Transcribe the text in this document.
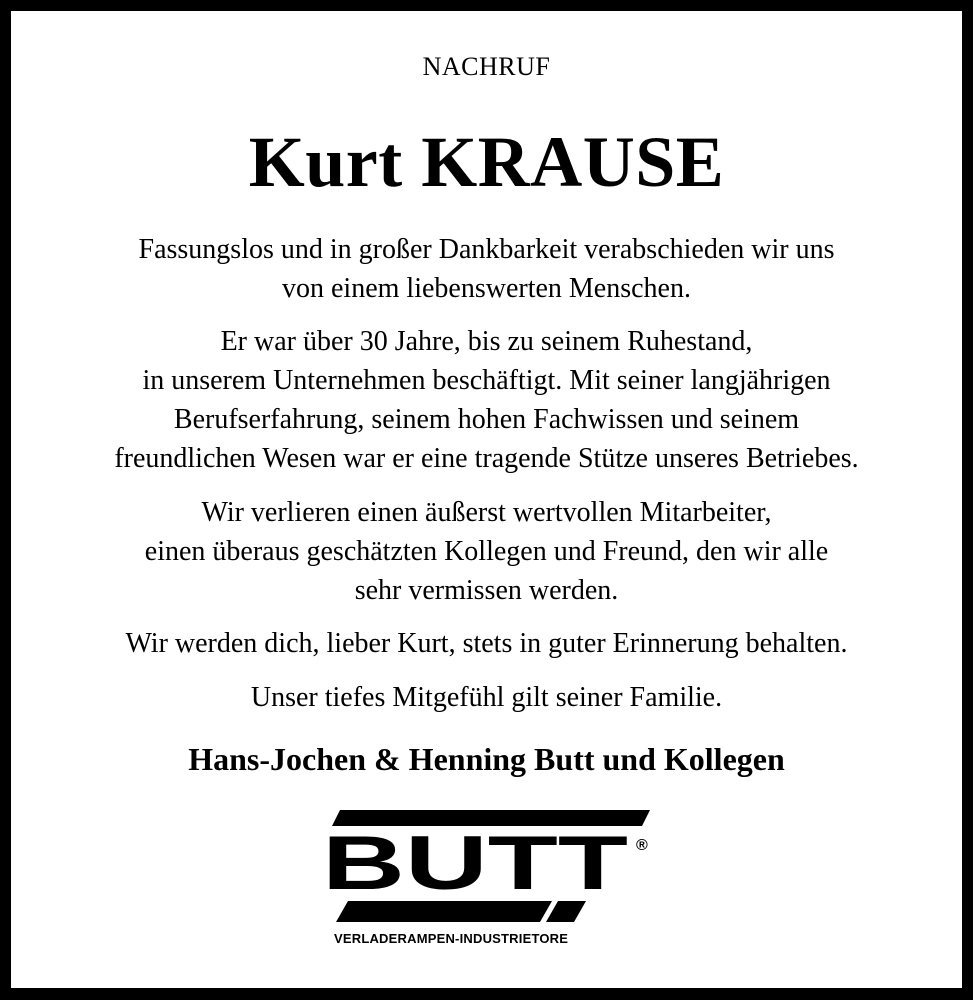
NACHRUF
Kurt KRAUSE

Fassungslos und in großer Dankbarkeit verabschieden wir uns
von einem liebenswerten Menschen.

Er war über 30 Jahre, bis zu seinem Ruhestand,
in unserem Unternehmen beschäftigt. Mit seiner langjährigen
Berufserfahrung, seinem hohen Fachwissen und seinem
freundlichen Wesen war er eine tragende Stütze unseres Betriebes.

Wir verlieren einen äußerst wertvollen Mitarbeiter,
einen überaus geschätzten Kollegen und Freund, den wir alle
sehr vermissen werden.

Wir werden dich, lieber Kurt, stets in guter Erinnerung behalten.

Unser tiefes Mitgefühl gilt seiner Familie.

Hans-Jochen & Henning Butt und Kollegen
BUTT ®
VERLADERAMPEN-INDUSTRIETORE
